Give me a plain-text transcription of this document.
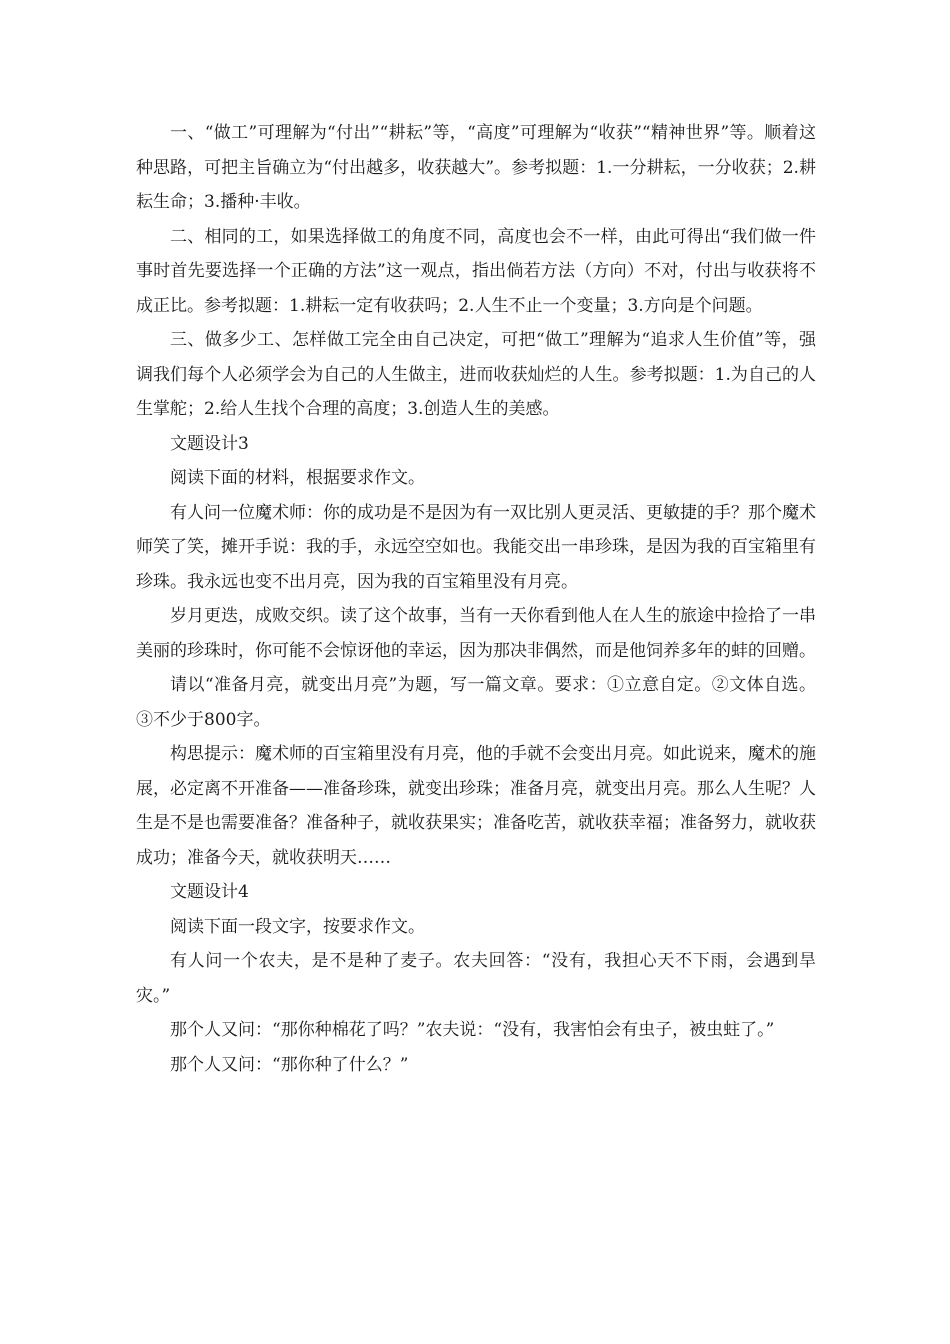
一、“做工”可理解为“付出”“耕耘”等，“高度”可理解为“收获”“精神世界”等。顺着这种思路，可把主旨确立为“付出越多，收获越大”。参考拟题：1.一分耕耘，一分收获；2.耕耘生命；3.播种·丰收。

二、相同的工，如果选择做工的角度不同，高度也会不一样，由此可得出“我们做一件事时首先要选择一个正确的方法”这一观点，指出倘若方法（方向）不对，付出与收获将不成正比。参考拟题：1.耕耘一定有收获吗；2.人生不止一个变量；3.方向是个问题。

三、做多少工、怎样做工完全由自己决定，可把“做工”理解为“追求人生价值”等，强调我们每个人必须学会为自己的人生做主，进而收获灿烂的人生。参考拟题：1.为自己的人生掌舵；2.给人生找个合理的高度；3.创造人生的美感。

文题设计3

阅读下面的材料，根据要求作文。

有人问一位魔术师：你的成功是不是因为有一双比别人更灵活、更敏捷的手？那个魔术师笑了笑，摊开手说：我的手，永远空空如也。我能交出一串珍珠，是因为我的百宝箱里有珍珠。我永远也变不出月亮，因为我的百宝箱里没有月亮。

岁月更迭，成败交织。读了这个故事，当有一天你看到他人在人生的旅途中捡拾了一串美丽的珍珠时，你可能不会惊讶他的幸运，因为那决非偶然，而是他饲养多年的蚌的回赠。

请以“准备月亮，就变出月亮”为题，写一篇文章。要求：①立意自定。②文体自选。③不少于800字。

构思提示：魔术师的百宝箱里没有月亮，他的手就不会变出月亮。如此说来，魔术的施展，必定离不开准备——准备珍珠，就变出珍珠；准备月亮，就变出月亮。那么人生呢？人生是不是也需要准备？准备种子，就收获果实；准备吃苦，就收获幸福；准备努力，就收获成功；准备今天，就收获明天……

文题设计4

阅读下面一段文字，按要求作文。

有人问一个农夫，是不是种了麦子。农夫回答：“没有，我担心天不下雨，会遇到旱灾。”

那个人又问：“那你种棉花了吗？”农夫说：“没有，我害怕会有虫子，被虫蛀了。”

那个人又问：“那你种了什么？”
